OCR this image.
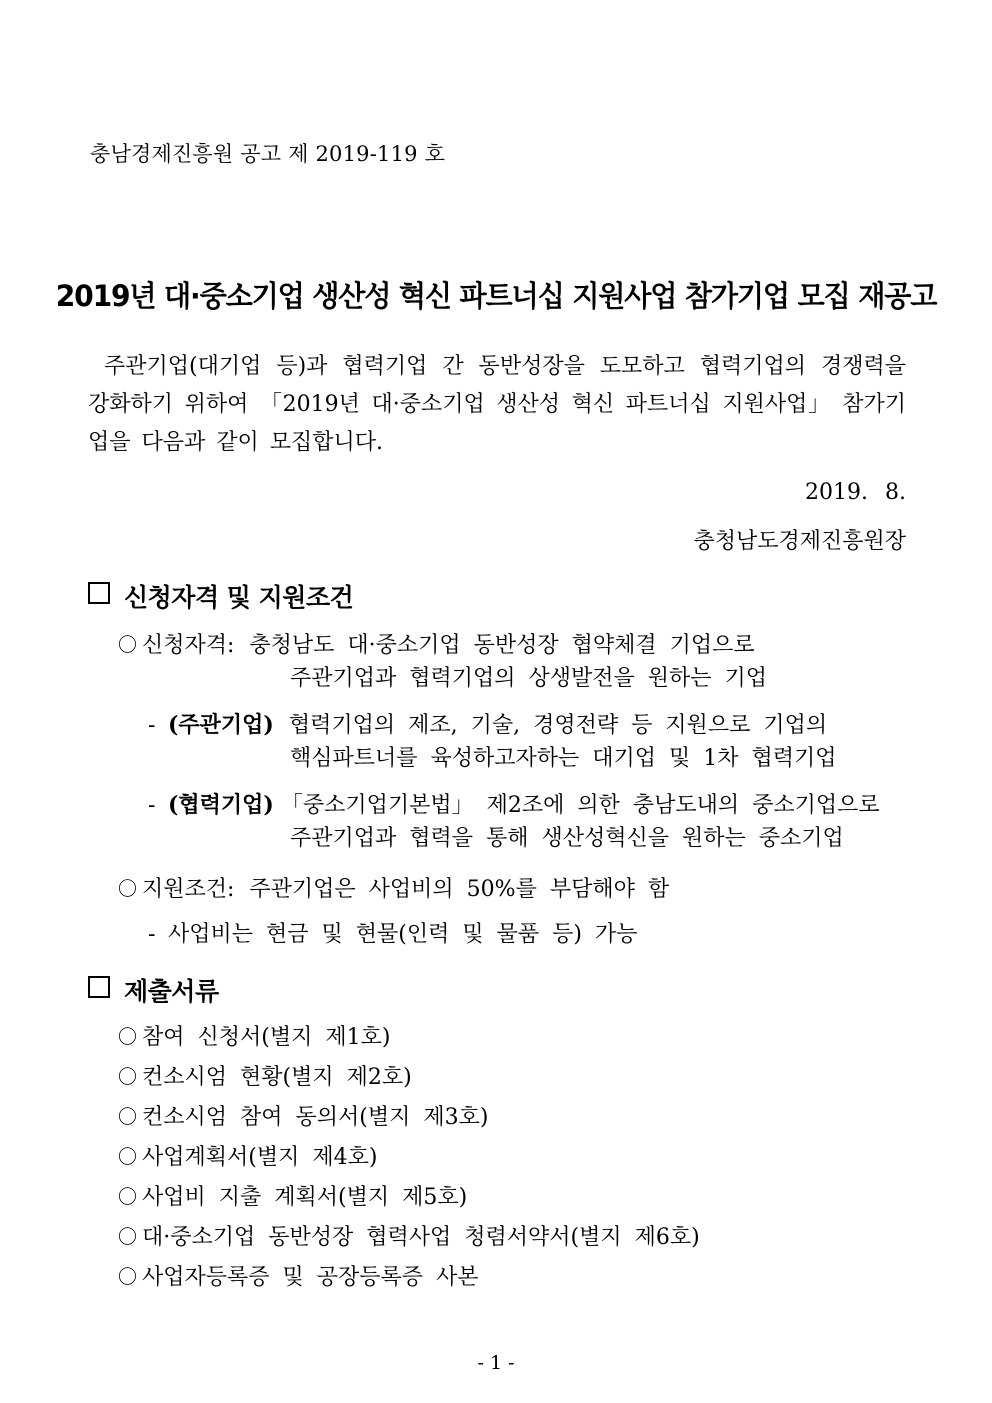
충남경제진흥원 공고 제 2019-119 호
2019년 대·중소기업 생산성 혁신 파트너십 지원사업 참가기업 모집 재공고
주관기업(대기업 등)과 협력기업 간 동반성장을 도모하고 협력기업의 경쟁력을 강화하기 위하여 「2019년 대·중소기업 생산성 혁신 파트너십 지원사업」 참가기업을 다음과 같이 모집합니다.
2019. 8.
충청남도경제진흥원장
신청자격 및 지원조건
〇 신청자격: 충청남도 대·중소기업 동반성장 협약체결 기업으로
주관기업과 협력기업의 상생발전을 원하는 기업
- (주관기업) 협력기업의 제조, 기술, 경영전략 등 지원으로 기업의
핵심파트너를 육성하고자하는 대기업 및 1차 협력기업
- (협력기업) 「중소기업기본법」 제2조에 의한 충남도내의 중소기업으로
주관기업과 협력을 통해 생산성혁신을 원하는 중소기업
〇 지원조건: 주관기업은 사업비의 50%를 부담해야 함
- 사업비는 현금 및 현물(인력 및 물품 등) 가능
제출서류
〇 참여 신청서(별지 제1호)
〇 컨소시엄 현황(별지 제2호)
〇 컨소시엄 참여 동의서(별지 제3호)
〇 사업계획서(별지 제4호)
〇 사업비 지출 계획서(별지 제5호)
〇 대·중소기업 동반성장 협력사업 청렴서약서(별지 제6호)
〇 사업자등록증 및 공장등록증 사본
- 1 -
